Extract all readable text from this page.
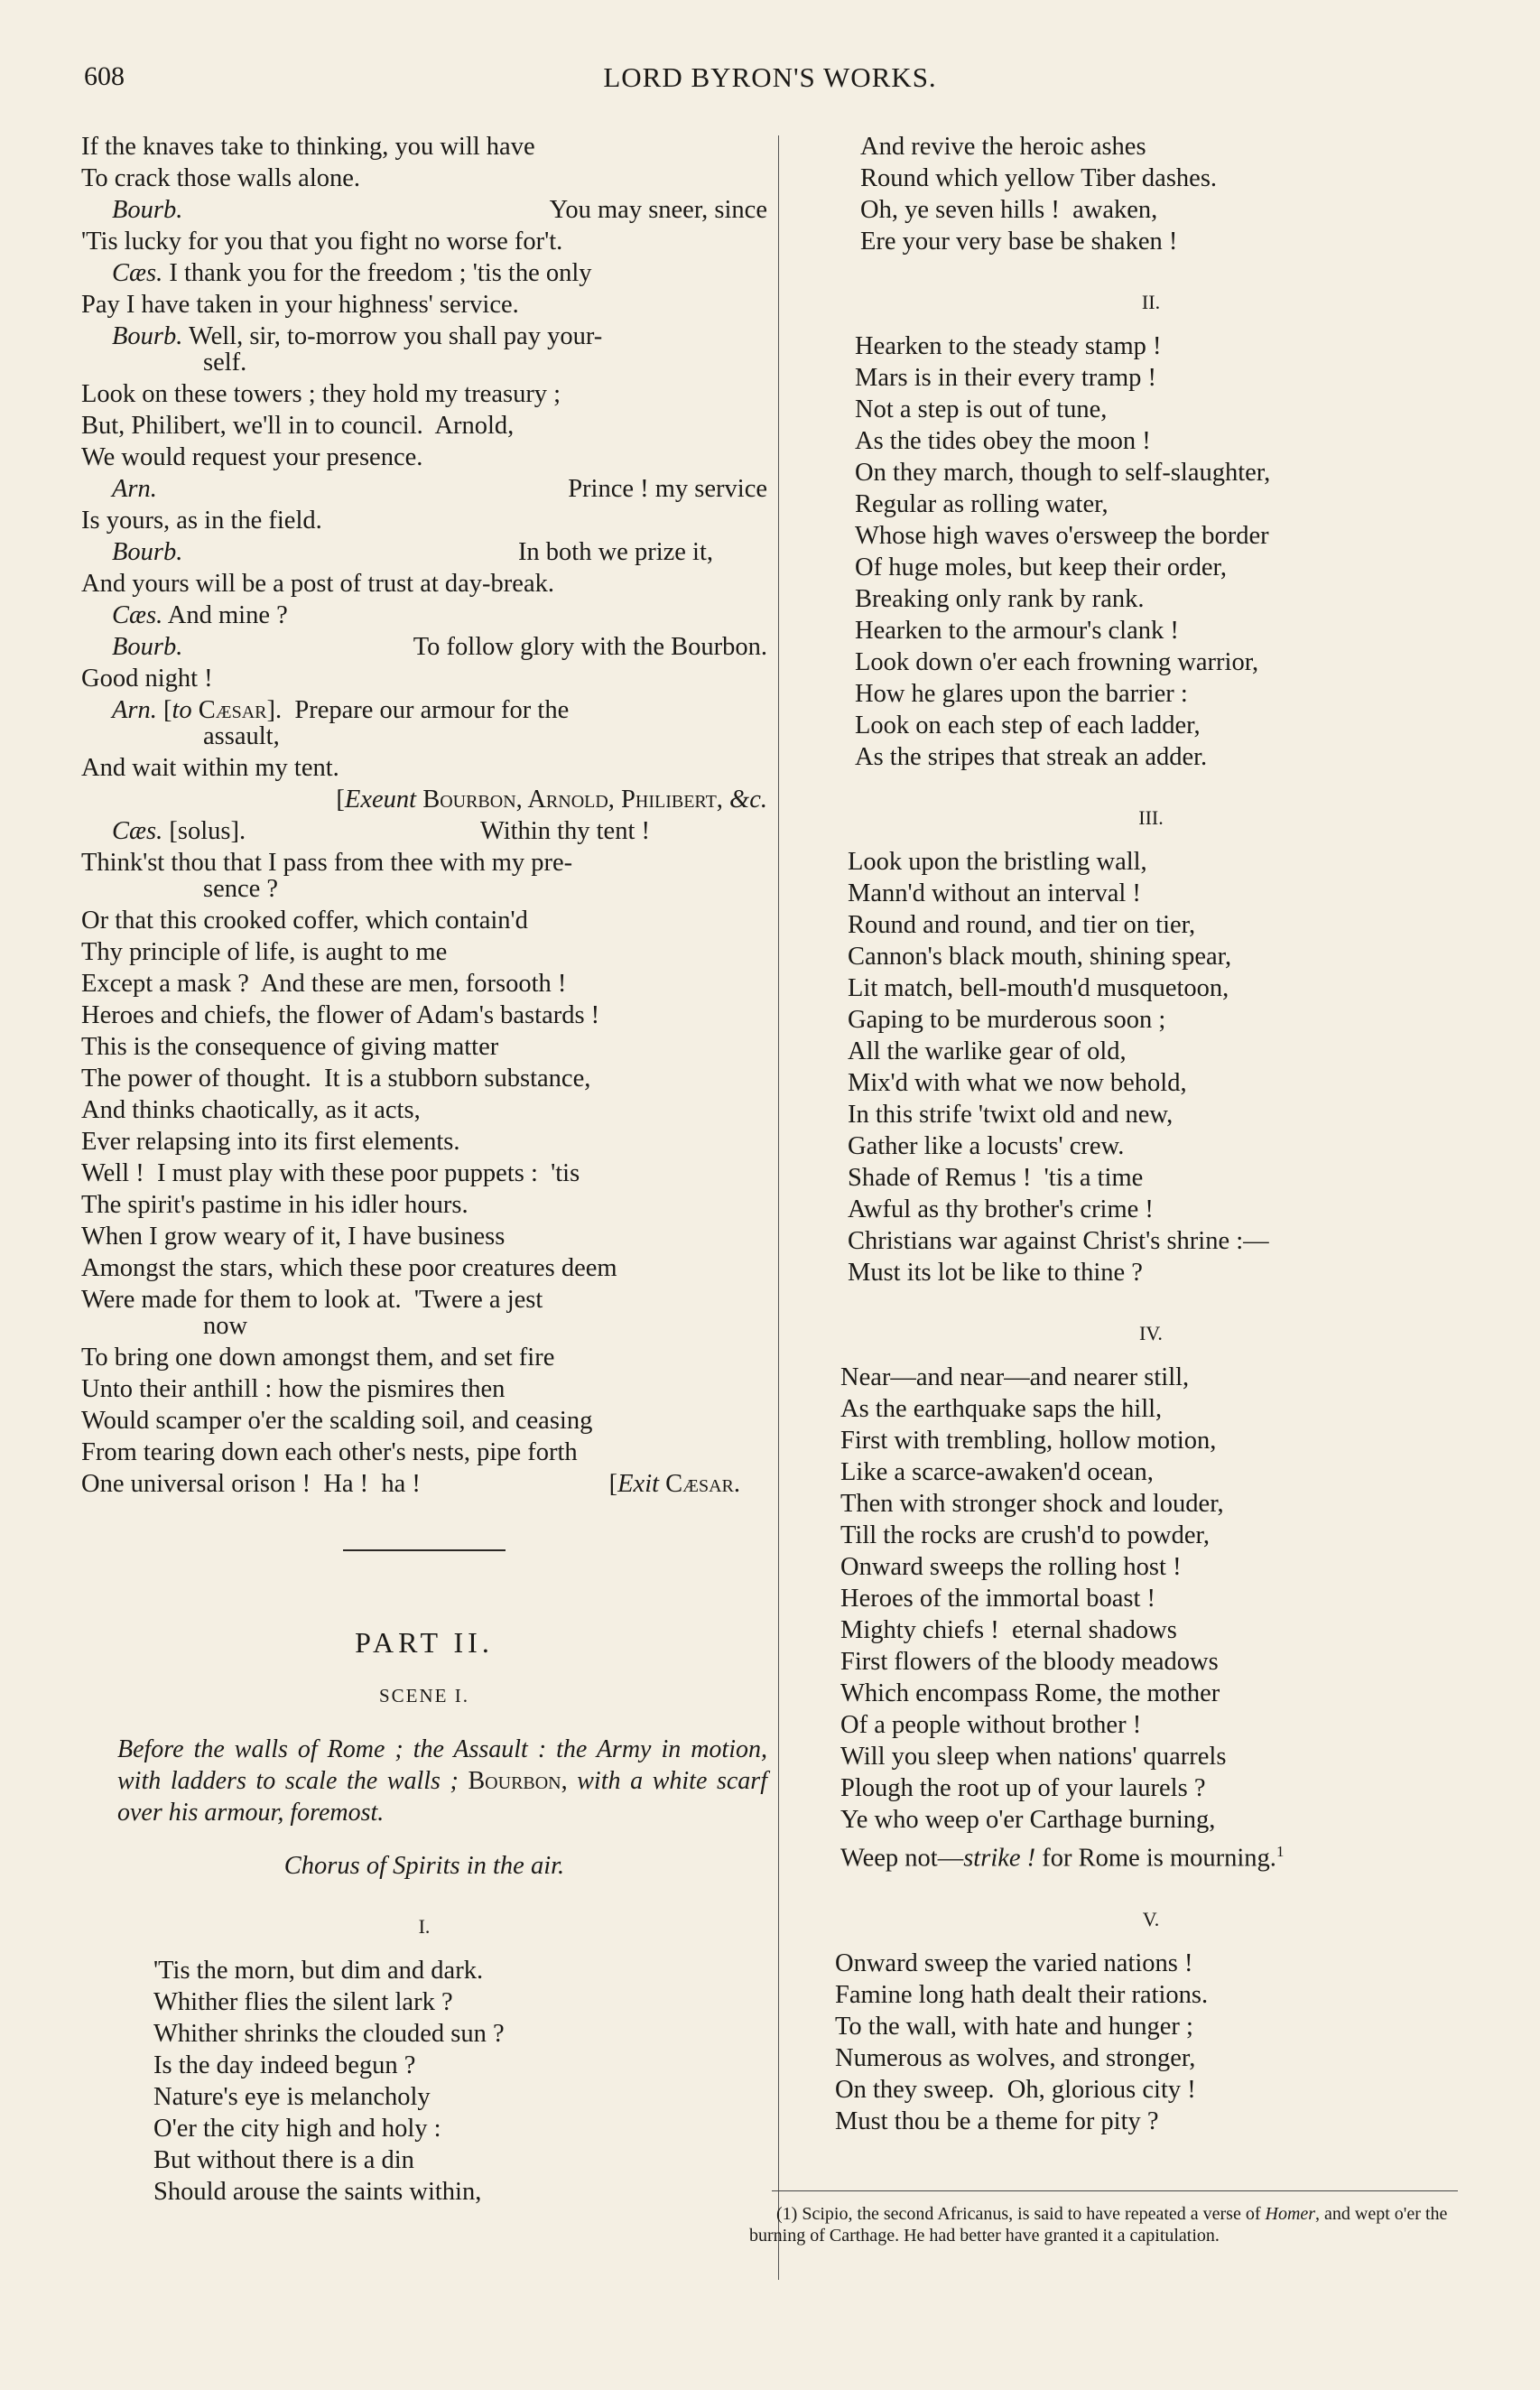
608	LORD BYRON'S WORKS.
If the knaves take to thinking, you will have
To crack those walls alone.
Bourb.	You may sneer, since
'Tis lucky for you that you fight no worse for't.
Cæs. I thank you for the freedom ; 'tis the only
Pay I have taken in your highness' service.
Bourb. Well, sir, to-morrow you shall pay your-
self.
Look on these towers ; they hold my treasury ;
But, Philibert, we'll in to council.  Arnold,
We would request your presence.
Arn.	Prince ! my service
Is yours, as in the field.
Bourb.	In both we prize it,
And yours will be a post of trust at day-break.
Cæs. And mine ?
Bourb.	To follow glory with the Bourbon.
Good night !
Arn. [to Cæsar].  Prepare our armour for the
assault,
And wait within my tent.
[Exeunt Bourbon, Arnold, Philibert, &c.
Cæs. [solus].	Within thy tent !
Think'st thou that I pass from thee with my pre-
sence ?
Or that this crooked coffer, which contain'd
Thy principle of life, is aught to me
Except a mask ?  And these are men, forsooth !
Heroes and chiefs, the flower of Adam's bastards !
This is the consequence of giving matter
The power of thought.  It is a stubborn substance,
And thinks chaotically, as it acts,
Ever relapsing into its first elements.
Well !  I must play with these poor puppets :  'tis
The spirit's pastime in his idler hours.
When I grow weary of it, I have business
Amongst the stars, which these poor creatures deem
Were made for them to look at.  'Twere a jest
now
To bring one down amongst them, and set fire
Unto their anthill : how the pismires then
Would scamper o'er the scalding soil, and ceasing
From tearing down each other's nests, pipe forth
One universal orison !  Ha !  ha !	[Exit Cæsar.
PART II.
SCENE I.
Before the walls of Rome ; the Assault : the Army in motion, with ladders to scale the walls ; Bourbon, with a white scarf over his armour, foremost.
Chorus of Spirits in the air.
I.
'Tis the morn, but dim and dark.
Whither flies the silent lark ?
Whither shrinks the clouded sun ?
Is the day indeed begun ?
Nature's eye is melancholy
O'er the city high and holy :
But without there is a din
Should arouse the saints within,
And revive the heroic ashes
Round which yellow Tiber dashes.
Oh, ye seven hills !  awaken,
Ere your very base be shaken !
II.
Hearken to the steady stamp !
Mars is in their every tramp !
Not a step is out of tune,
As the tides obey the moon !
On they march, though to self-slaughter,
Regular as rolling water,
Whose high waves o'ersweep the border
Of huge moles, but keep their order,
Breaking only rank by rank.
Hearken to the armour's clank !
Look down o'er each frowning warrior,
How he glares upon the barrier :
Look on each step of each ladder,
As the stripes that streak an adder.
III.
Look upon the bristling wall,
Mann'd without an interval !
Round and round, and tier on tier,
Cannon's black mouth, shining spear,
Lit match, bell-mouth'd musquetoon,
Gaping to be murderous soon ;
All the warlike gear of old,
Mix'd with what we now behold,
In this strife 'twixt old and new,
Gather like a locusts' crew.
Shade of Remus !  'tis a time
Awful as thy brother's crime !
Christians war against Christ's shrine :—
Must its lot be like to thine ?
IV.
Near—and near—and nearer still,
As the earthquake saps the hill,
First with trembling, hollow motion,
Like a scarce-awaken'd ocean,
Then with stronger shock and louder,
Till the rocks are crush'd to powder,
Onward sweeps the rolling host !
Heroes of the immortal boast !
Mighty chiefs !  eternal shadows
First flowers of the bloody meadows
Which encompass Rome, the mother
Of a people without brother !
Will you sleep when nations' quarrels
Plough the root up of your laurels ?
Ye who weep o'er Carthage burning,
Weep not—strike ! for Rome is mourning.$^1$
V.
Onward sweep the varied nations !
Famine long hath dealt their rations.
To the wall, with hate and hunger ;
Numerous as wolves, and stronger,
On they sweep.  Oh, glorious city !
Must thou be a theme for pity ?
(1) Scipio, the second Africanus, is said to have repeated a verse of Homer, and wept o'er the burning of Carthage. He had better have granted it a capitulation.
